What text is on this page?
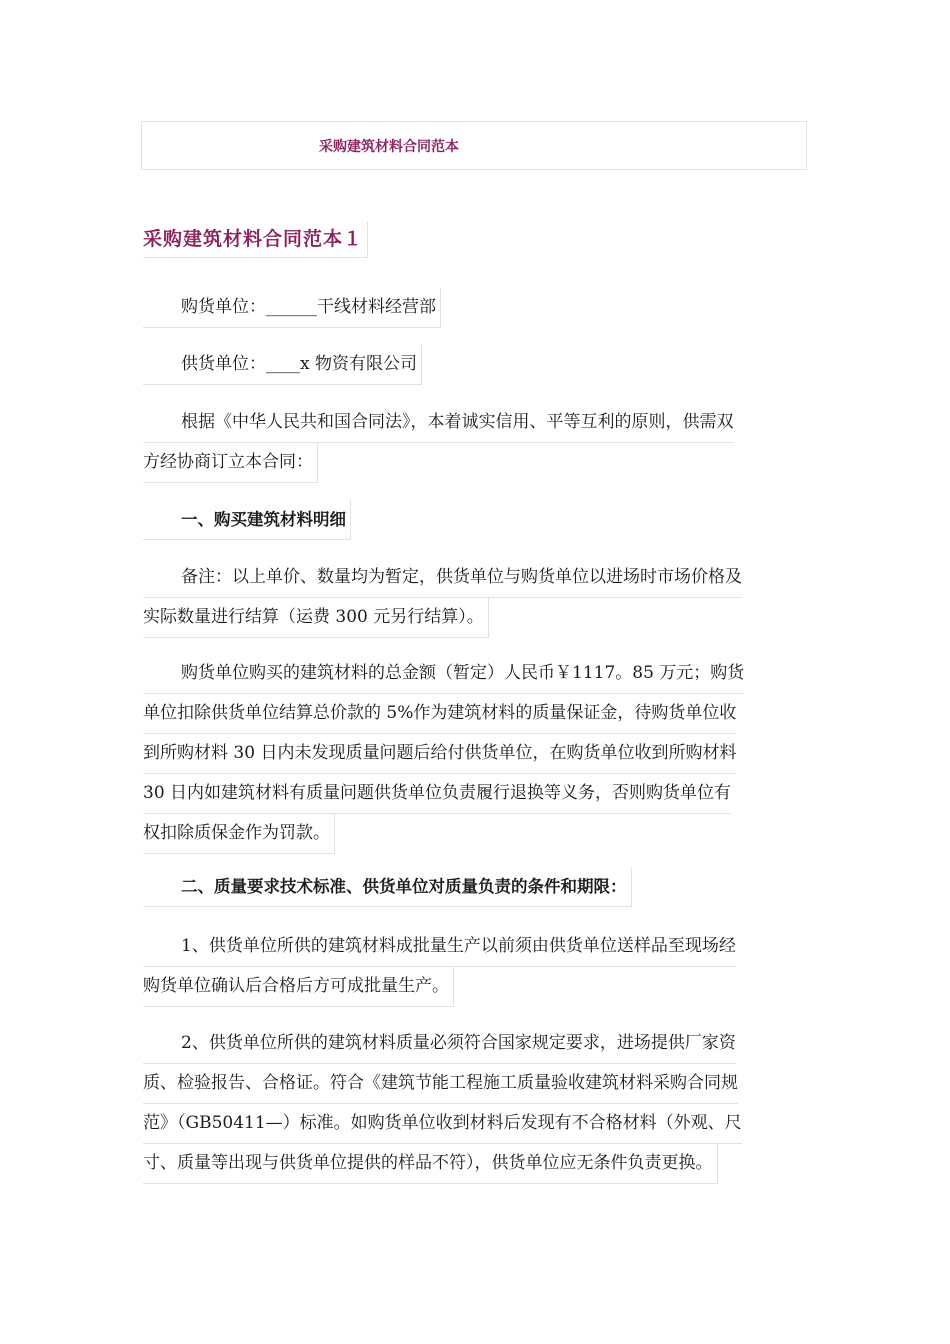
采购建筑材料合同范本
采购建筑材料合同范本１
购货单位：______干线材料经营部
供货单位：____x 物资有限公司
根据《中华人民共和国合同法》，本着诚实信用、平等互利的原则，供需双
方经协商订立本合同：
一、购买建筑材料明细
备注：以上单价、数量均为暂定，供货单位与购货单位以进场时市场价格及
实际数量进行结算（运费 300 元另行结算）。
购货单位购买的建筑材料的总金额（暂定）人民币￥1117。85 万元；购货
单位扣除供货单位结算总价款的 5%作为建筑材料的质量保证金，待购货单位收
到所购材料 30 日内未发现质量问题后给付供货单位，在购货单位收到所购材料
30 日内如建筑材料有质量问题供货单位负责履行退换等义务，否则购货单位有
权扣除质保金作为罚款。
二、质量要求技术标准、供货单位对质量负责的条件和期限：
1、供货单位所供的建筑材料成批量生产以前须由供货单位送样品至现场经
购货单位确认后合格后方可成批量生产。
2、供货单位所供的建筑材料质量必须符合国家规定要求，进场提供厂家资
质、检验报告、合格证。符合《建筑节能工程施工质量验收建筑材料采购合同规
范》（GB50411—）标准。如购货单位收到材料后发现有不合格材料（外观、尺
寸、质量等出现与供货单位提供的样品不符），供货单位应无条件负责更换。
